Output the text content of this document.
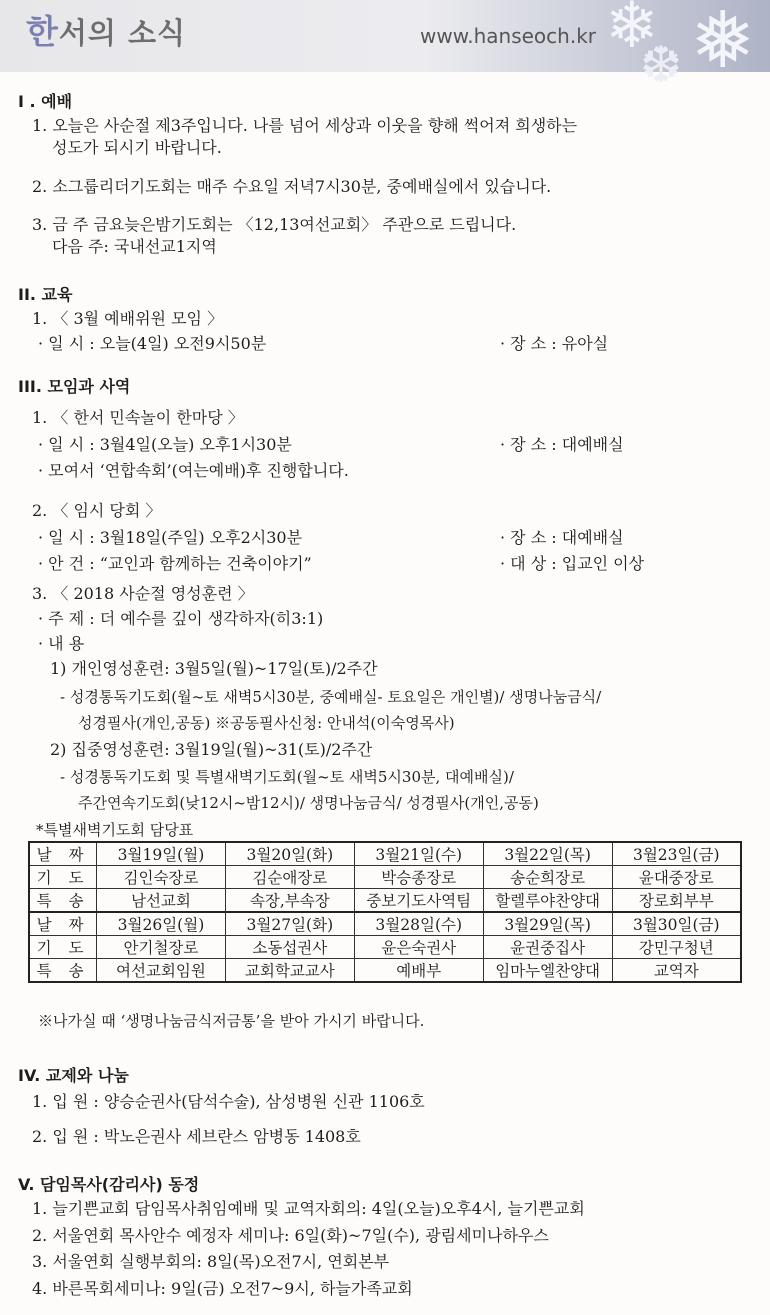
❄ ❅
❆
한서의 소식	www.hanseoch.kr
I . 예배
1. 오늘은 사순절 제3주입니다. 나를 넘어 세상과 이웃을 향해 썩어져 희생하는
성도가 되시기 바랍니다.
2. 소그룹리더기도회는 매주 수요일 저녁7시30분, 중예배실에서 있습니다.
3. 금 주 금요늦은밤기도회는 〈12,13여선교회〉 주관으로 드립니다.
다음 주: 국내선교1지역
II. 교육
1. 〈 3월 예배위원 모임 〉
· 일 시 : 오늘(4일) 오전9시50분	· 장 소 : 유아실
III. 모임과 사역
1. 〈 한서 민속놀이 한마당 〉
· 일 시 : 3월4일(오늘) 오후1시30분	· 장 소 : 대예배실
· 모여서 ‘연합속회’(여는예배)후 진행합니다.
2. 〈 임시 당회 〉
· 일 시 : 3월18일(주일) 오후2시30분	· 장 소 : 대예배실
· 안 건 : “교인과 함께하는 건축이야기”	· 대 상 : 입교인 이상
3. 〈 2018 사순절 영성훈련 〉
· 주 제 : 더 예수를 깊이 생각하자(히3:1)
· 내 용
1) 개인영성훈련: 3월5일(월)~17일(토)/2주간
- 성경통독기도회(월~토 새벽5시30분, 중예배실- 토요일은 개인별)/ 생명나눔금식/
성경필사(개인,공동) ※공동필사신청: 안내석(이숙영목사)
2) 집중영성훈련: 3월19일(월)~31(토)/2주간
- 성경통독기도회 및 특별새벽기도회(월~토 새벽5시30분, 대예배실)/
주간연속기도회(낮12시~밤12시)/ 생명나눔금식/ 성경필사(개인,공동)
*특별새벽기도회 담당표
날 짜	3월19일(월)	3월20일(화)	3월21일(수)	3월22일(목)	3월23일(금)
기 도	김인숙장로	김순애장로	박승종장로	송순희장로	윤대중장로
특 송	남선교회	속장,부속장	중보기도사역팀	할렐루야찬양대	장로회부부
날 짜	3월26일(월)	3월27일(화)	3월28일(수)	3월29일(목)	3월30일(금)
기 도	안기철장로	소동섭권사	윤은숙권사	윤권중집사	강민구청년
특 송	여선교회임원	교회학교교사	예배부	임마누엘찬양대	교역자
※나가실 때 ‘생명나눔금식저금통’을 받아 가시기 바랍니다.
IV. 교제와 나눔
1. 입 원 : 양승순권사(담석수술), 삼성병원 신관 1106호
2. 입 원 : 박노은권사 세브란스 암병동 1408호
V. 담임목사(감리사) 동정
1. 늘기쁜교회 담임목사취임예배 및 교역자회의: 4일(오늘)오후4시, 늘기쁜교회
2. 서울연회 목사안수 예정자 세미나: 6일(화)~7일(수), 광림세미나하우스
3. 서울연회 실행부회의: 8일(목)오전7시, 연회본부
4. 바른목회세미나: 9일(금) 오전7~9시, 하늘가족교회
